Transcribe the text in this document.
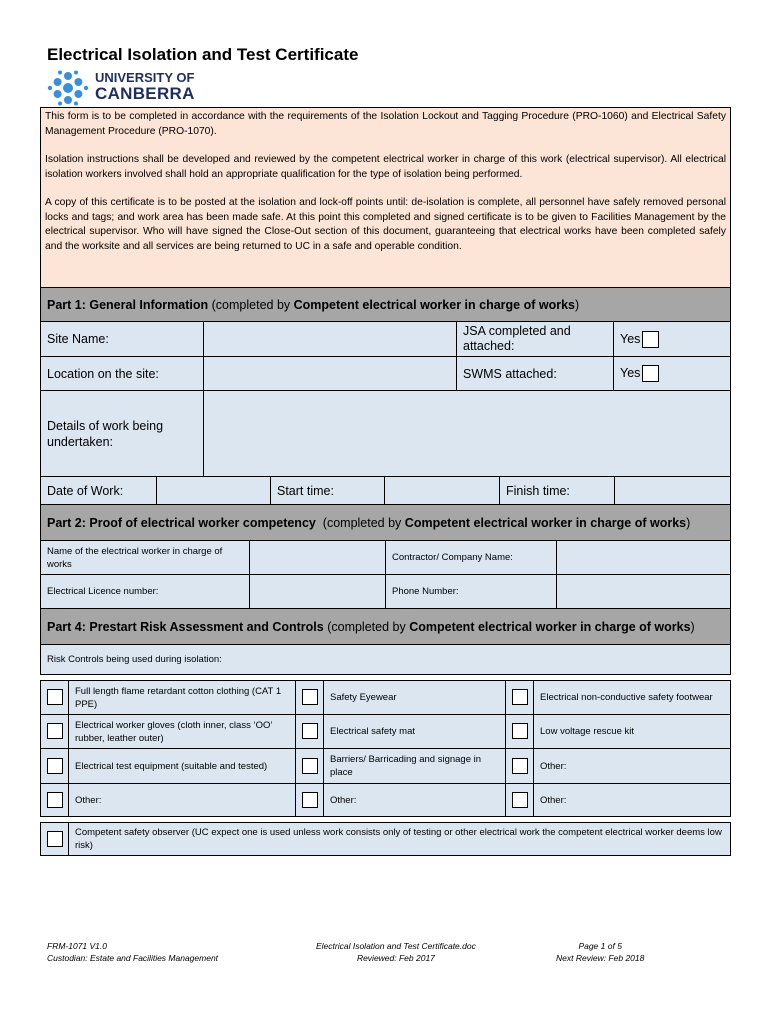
Electrical Isolation and Test Certificate
UNIVERSITY OF
CANBERRA

This form is to be completed in accordance with the requirements of the Isolation Lockout and Tagging Procedure (PRO-1060) and Electrical Safety Management Procedure (PRO-1070).

Isolation instructions shall be developed and reviewed by the competent electrical worker in charge of this work (electrical supervisor). All electrical isolation workers involved shall hold an appropriate qualification for the type of isolation being performed.

A copy of this certificate is to be posted at the isolation and lock-off points until: de-isolation is complete, all personnel have safely removed personal locks and tags; and work area has been made safe. At this point this completed and signed certificate is to be given to Facilities Management by the electrical supervisor. Who will have signed the Close-Out section of this document, guaranteeing that electrical works have been completed safely and the worksite and all services are being returned to UC in a safe and operable condition.

Part 1: General Information (completed by Competent electrical worker in charge of works)			
Site Name:		JSA completed and attached:	Yes
Location on the site:		SWMS attached:	Yes
Details of work being undertaken:			
Date of Work:		Start time:		Finish time:	
Part 2: Proof of electrical worker competency (completed by Competent electrical worker in charge of works)			
Name of the electrical worker in charge of works		Contractor/ Company Name:	
Electrical Licence number:		Phone Number:	
Part 4: Prestart Risk Assessment and Controls (completed by Competent electrical worker in charge of works)					
Risk Controls being used during isolation:					

	Full length flame retardant cotton clothing (CAT 1 PPE)		Safety Eyewear		Electrical non-conductive safety footwear
	Electrical worker gloves (cloth inner, class ‘OO’ rubber, leather outer)		Electrical safety mat		Low voltage rescue kit
	Electrical test equipment (suitable and tested)		Barriers/ Barricading and signage in place		Other:
	Other:		Other:		Other:

	Competent safety observer (UC expect one is used unless work consists only of testing or other electrical work the competent electrical worker deems low risk)				
FRM-1071 V1.0
Custodian: Estate and Facilities Management
Electrical Isolation and Test Certificate.doc
Reviewed: Feb 2017
Page 1 of 5
Next Review: Feb 2018
